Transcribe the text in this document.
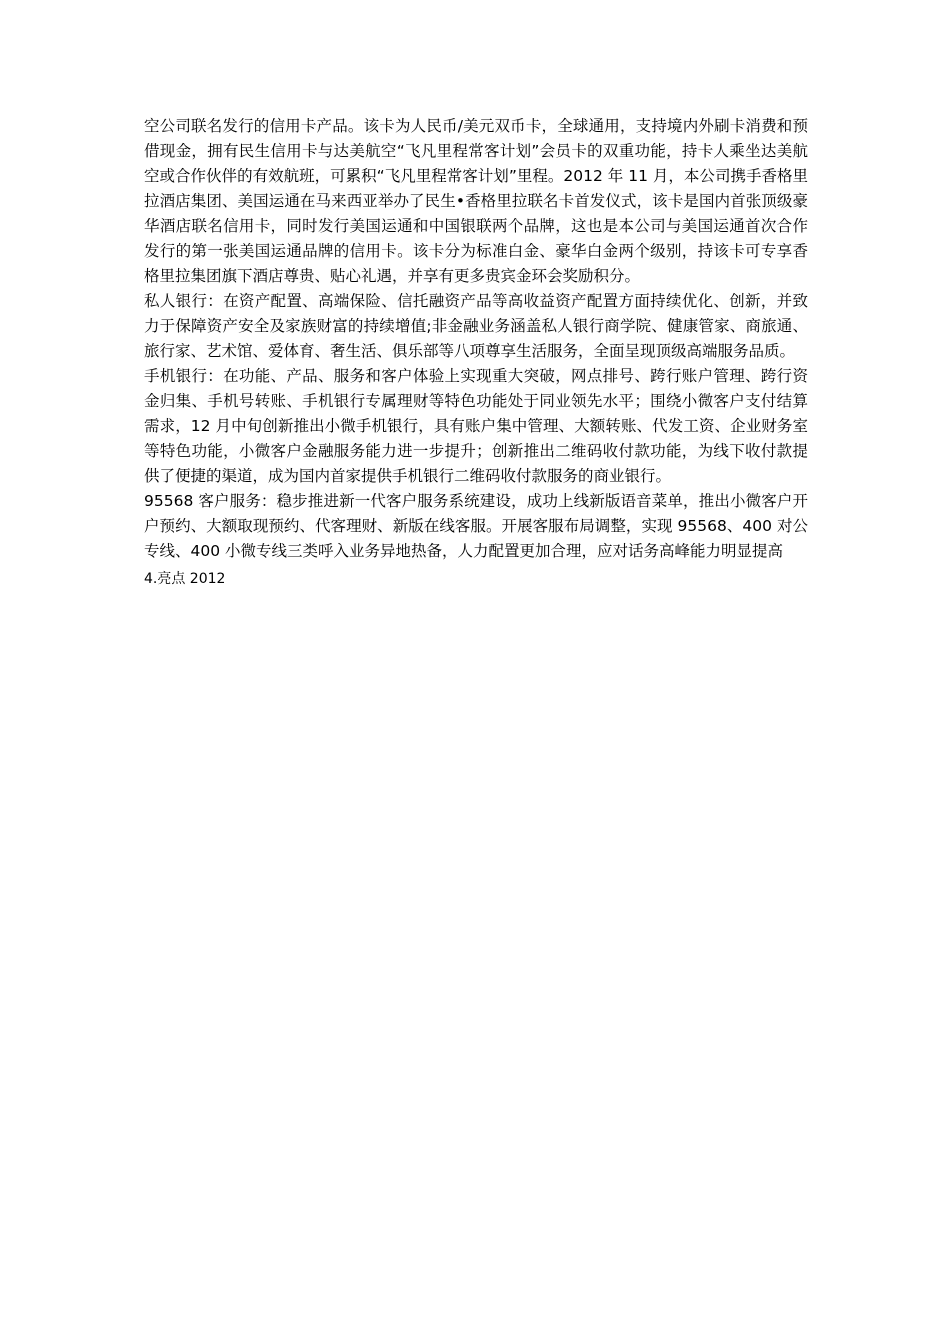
空公司联名发行的信用卡产品。该卡为人民币/美元双币卡，全球通用，支持境内外刷卡消费和预借现金，拥有民生信用卡与达美航空“飞凡里程常客计划”会员卡的双重功能，持卡人乘坐达美航空或合作伙伴的有效航班，可累积“飞凡里程常客计划”里程。2012 年 11 月，本公司携手香格里拉酒店集团、美国运通在马来西亚举办了民生•香格里拉联名卡首发仪式，该卡是国内首张顶级豪华酒店联名信用卡，同时发行美国运通和中国银联两个品牌，这也是本公司与美国运通首次合作发行的第一张美国运通品牌的信用卡。该卡分为标准白金、豪华白金两个级别，持该卡可专享香格里拉集团旗下酒店尊贵、贴心礼遇，并享有更多贵宾金环会奖励积分。

私人银行：在资产配置、高端保险、信托融资产品等高收益资产配置方面持续优化、创新，并致力于保障资产安全及家族财富的持续增值;非金融业务涵盖私人银行商学院、健康管家、商旅通、旅行家、艺术馆、爱体育、奢生活、俱乐部等八项尊享生活服务，全面呈现顶级高端服务品质。

手机银行：在功能、产品、服务和客户体验上实现重大突破，网点排号、跨行账户管理、跨行资金归集、手机号转账、手机银行专属理财等特色功能处于同业领先水平；围绕小微客户支付结算需求，12 月中旬创新推出小微手机银行，具有账户集中管理、大额转账、代发工资、企业财务室等特色功能，小微客户金融服务能力进一步提升；创新推出二维码收付款功能，为线下收付款提供了便捷的渠道，成为国内首家提供手机银行二维码收付款服务的商业银行。

95568 客户服务：稳步推进新一代客户服务系统建设，成功上线新版语音菜单，推出小微客户开户预约、大额取现预约、代客理财、新版在线客服。开展客服布局调整，实现 95568、400 对公专线、400 小微专线三类呼入业务异地热备，人力配置更加合理，应对话务高峰能力明显提高

4.亮点 2012
